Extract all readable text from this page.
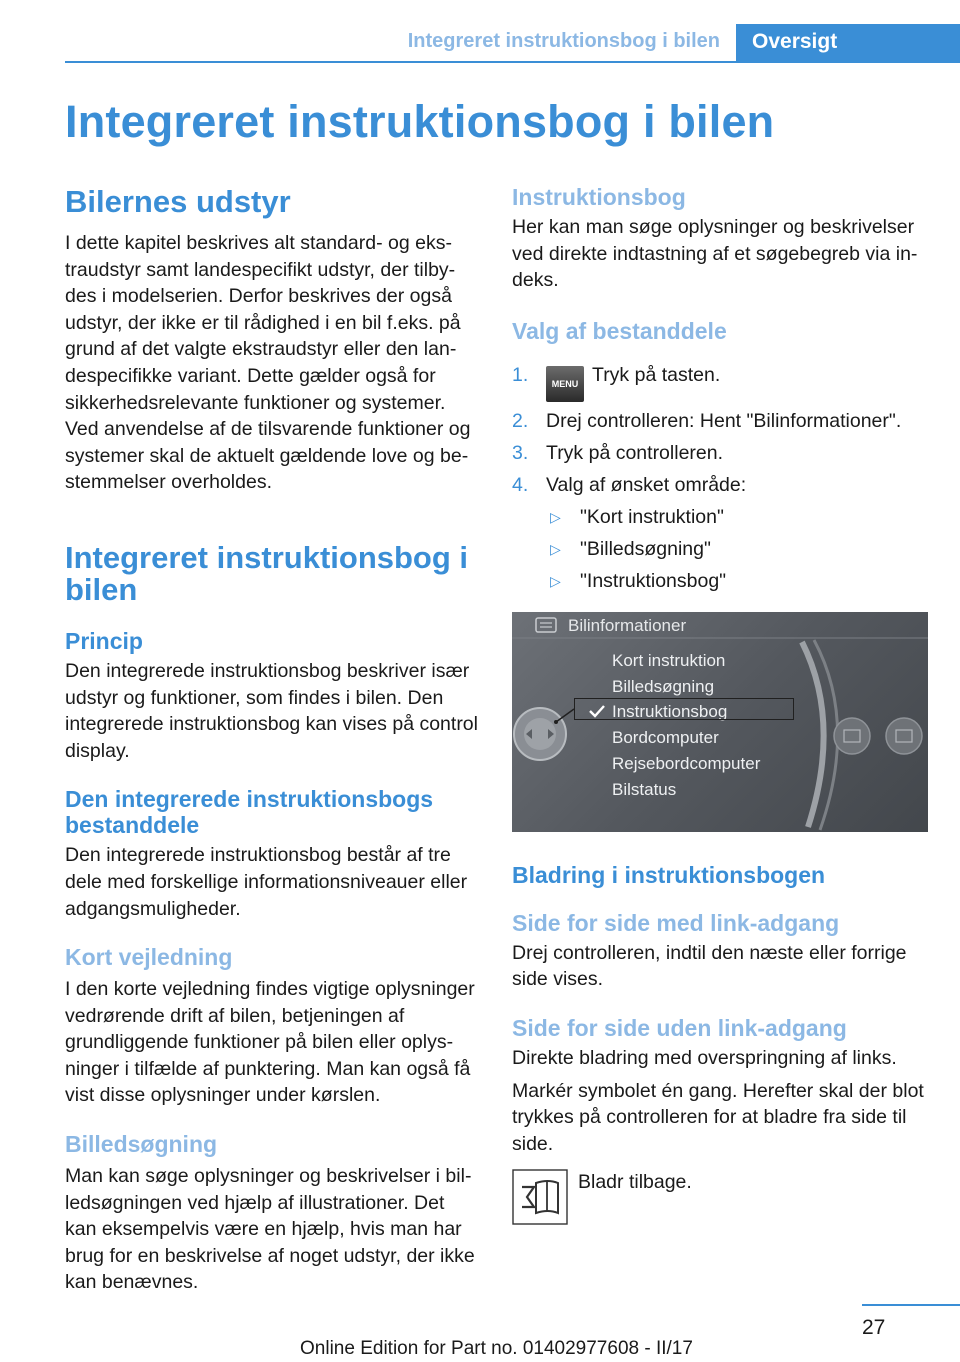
Integreret instruktionsbog i bilen	Oversigt
Integreret instruktionsbog i bilen
Bilernes udstyr

I dette kapitel beskrives alt standard- og ekstraudstyr samt landespecifikt udstyr, der tilbydes i modelserien. Derfor beskrives der også udstyr, der ikke er til rådighed i en bil f.eks. på grund af det valgte ekstraudstyr eller den landespecifikke variant. Dette gælder også for sikkerhedsrelevante funktioner og systemer. Ved anvendelse af de tilsvarende funktioner og systemer skal de aktuelt gældende love og bestemmelser overholdes.

Integreret instruktionsbog i bilen
Princip

Den integrerede instruktionsbog beskriver især udstyr og funktioner, som findes i bilen. Den integrerede instruktionsbog kan vises på control display.

Den integrerede instruktionsbogs bestanddele

Den integrerede instruktionsbog består af tre dele med forskellige informationsniveauer eller adgangsmuligheder.

Kort vejledning

I den korte vejledning findes vigtige oplysninger vedrørende drift af bilen, betjeningen af grundliggende funktioner på bilen eller oplysninger i tilfælde af punktering. Man kan også få vist disse oplysninger under kørslen.

Billedsøgning

Man kan søge oplysninger og beskrivelser i billedsøgningen ved hjælp af illustrationer. Det kan eksempelvis være en hjælp, hvis man har brug for en beskrivelse af noget udstyr, der ikke kan benævnes.

Instruktionsbog

Her kan man søge oplysninger og beskrivelser ved direkte indtastning af et søgebegreb via indeks.

Valg af bestanddele
1.	MENU Tryk på tasten.
2. Drej controlleren: Hent "Bilinformationer".
3. Tryk på controlleren.
4. Valg af ønsket område:
▷ "Kort instruktion"
▷ "Billedsøgning"
▷ "Instruktionsbog"
Bilinformationer
Kort instruktion
Billedsøgning
Instruktionsbog
Bordcomputer
Rejsebordcomputer
Bilstatus
Bladring i instruktionsbogen
Side for side med link-adgang

Drej controlleren, indtil den næste eller forrige side vises.

Side for side uden link-adgang

Direkte bladring med overspringning af links.

Markér symbolet én gang. Herefter skal der blot trykkes på controlleren for at bladre fra side til side.

Bladr tilbage.
27
Online Edition for Part no. 01402977608 - II/17
